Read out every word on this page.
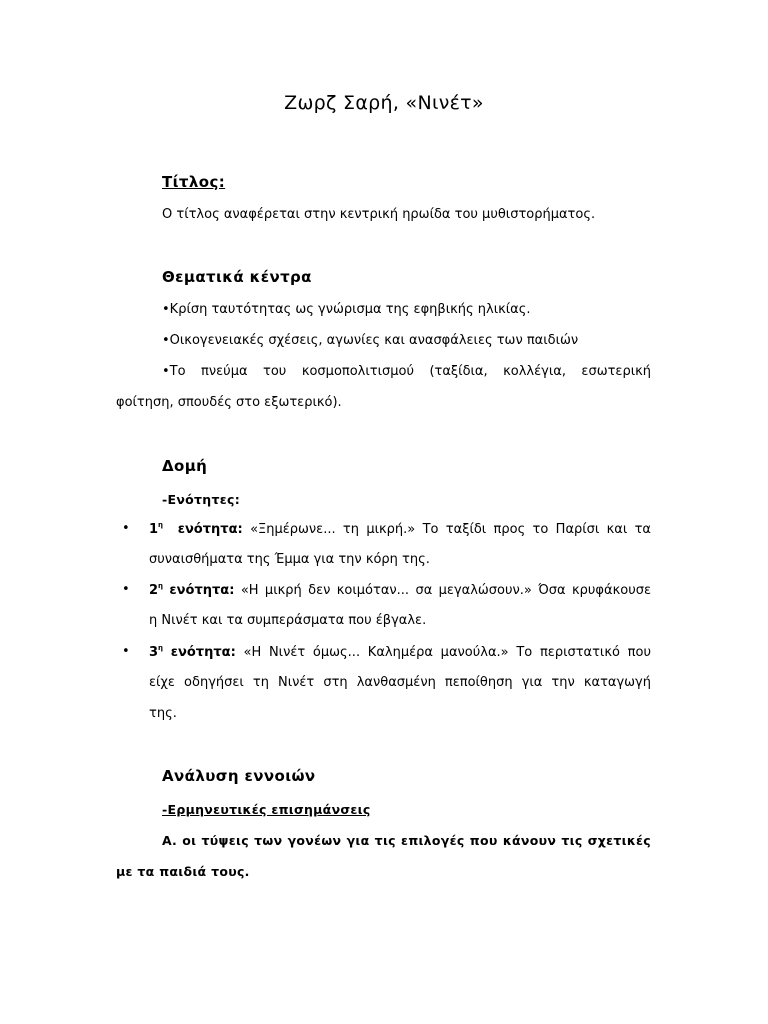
Ζωρζ Σαρή, «Νινέτ»
Τίτλος:
Ο τίτλος αναφέρεται στην κεντρική ηρωίδα του μυθιστορήματος.
Θεματικά κέντρα
•Κρίση ταυτότητας ως γνώρισμα της εφηβικής ηλικίας.
•Οικογενειακές σχέσεις, αγωνίες και ανασφάλειες των παιδιών
•Το πνεύμα του κοσμοπολιτισμού (ταξίδια, κολλέγια, εσωτερική
φοίτηση, σπουδές στο εξωτερικό).
Δομή
-Ενότητες:
•	$1^\eta$ ενότητα: «Ξημέρωνε... τη μικρή.» Το ταξίδι προς το Παρίσι και τα
συναισθήματα της Έμμα για την κόρη της.
•	$2^\eta$ ενότητα: «Η μικρή δεν κοιμόταν... σα μεγαλώσουν.» Όσα κρυφάκουσε
η Νινέτ και τα συμπεράσματα που έβγαλε.
•	$3^\eta$ ενότητα: «Η Νινέτ όμως... Καλημέρα μανούλα.» Το περιστατικό που
είχε οδηγήσει τη Νινέτ στη λανθασμένη πεποίθηση για την καταγωγή
της.
Ανάλυση εννοιών
-Ερμηνευτικές επισημάνσεις
Α. οι τύψεις των γονέων για τις επιλογές που κάνουν τις σχετικές
με τα παιδιά τους.
